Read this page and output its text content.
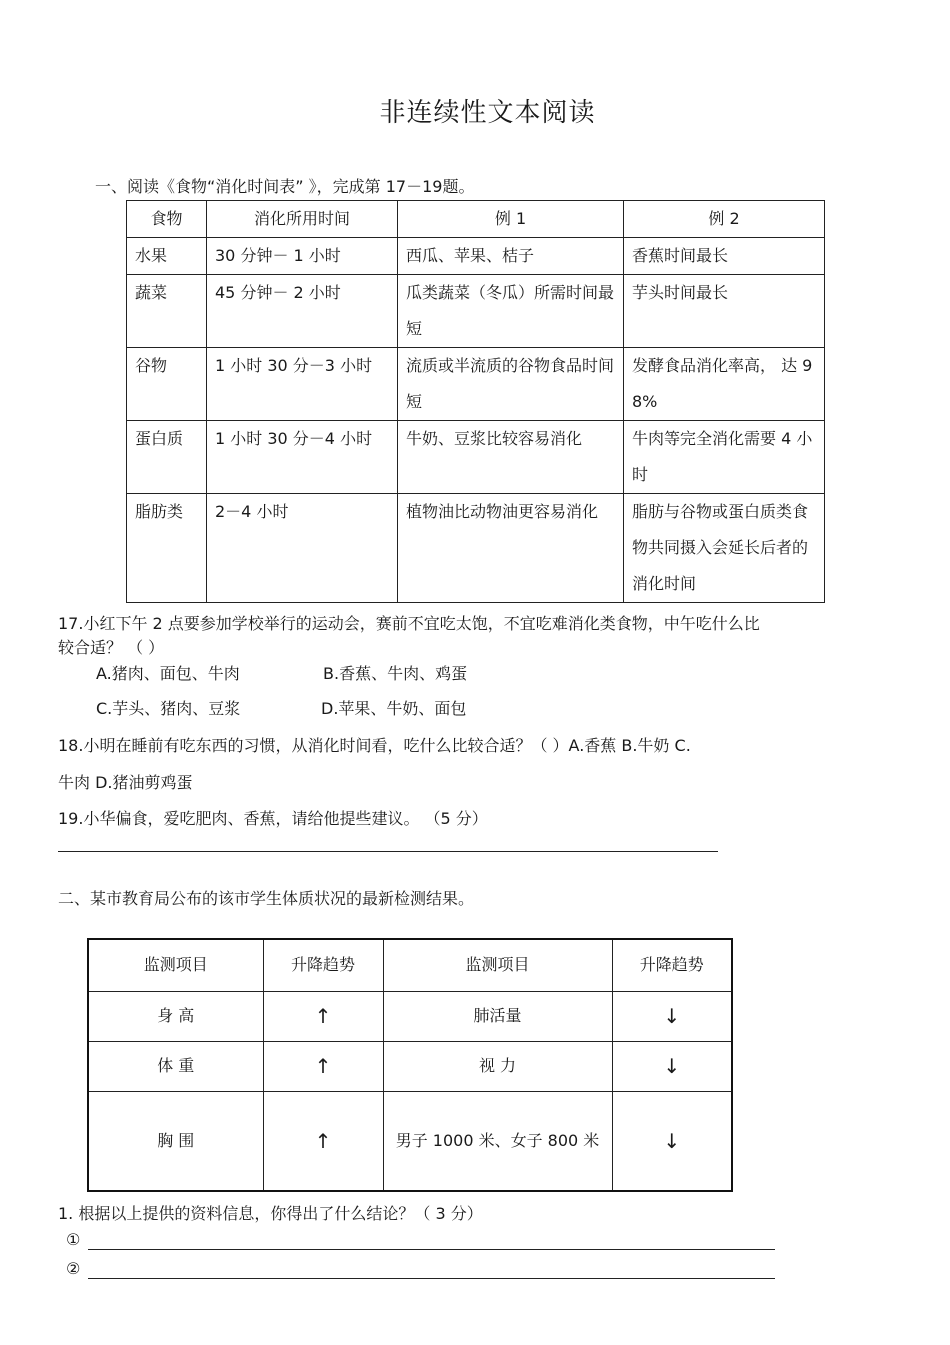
非连续性文本阅读
一、阅读《食物“消化时间表” 》，完成第 17－19题。
食物	消化所用时间	例 1	例 2
水果	30 分钟－ 1 小时	西瓜、苹果、桔子	香蕉时间最长
蔬菜	45 分钟－ 2 小时	瓜类蔬菜（冬瓜）所需时间最短	芋头时间最长
谷物	1 小时 30 分－3 小时	流质或半流质的谷物食品时间短	发酵食品消化率高， 达 98%
蛋白质	1 小时 30 分－4 小时	牛奶、豆浆比较容易消化	牛肉等完全消化需要 4 小时
脂肪类	2－4 小时	植物油比动物油更容易消化	脂肪与谷物或蛋白质类食物共同摄入会延长后者的消化时间
17.小红下午 2 点要参加学校举行的运动会，赛前不宜吃太饱，不宜吃难消化类食物，中午吃什么比
较合适？ （ ）
A.猪肉、面包、牛肉	B.香蕉、牛肉、鸡蛋
C.芋头、猪肉、豆浆	D.苹果、牛奶、面包
18.小明在睡前有吃东西的习惯，从消化时间看，吃什么比较合适？（ ）A.香蕉 B.牛奶 C.
牛肉 D.猪油剪鸡蛋
19.小华偏食，爱吃肥肉、香蕉，请给他提些建议。 （5 分）
二、某市教育局公布的该市学生体质状况的最新检测结果。
监测项目	升降趋势	监测项目	升降趋势
身 高	↑	肺活量	↓
体 重	↑	视 力	↓
胸 围	↑	男子 1000 米、女子 800 米	↓
1. 根据以上提供的资料信息，你得出了什么结论？（ 3 分）
①
②
